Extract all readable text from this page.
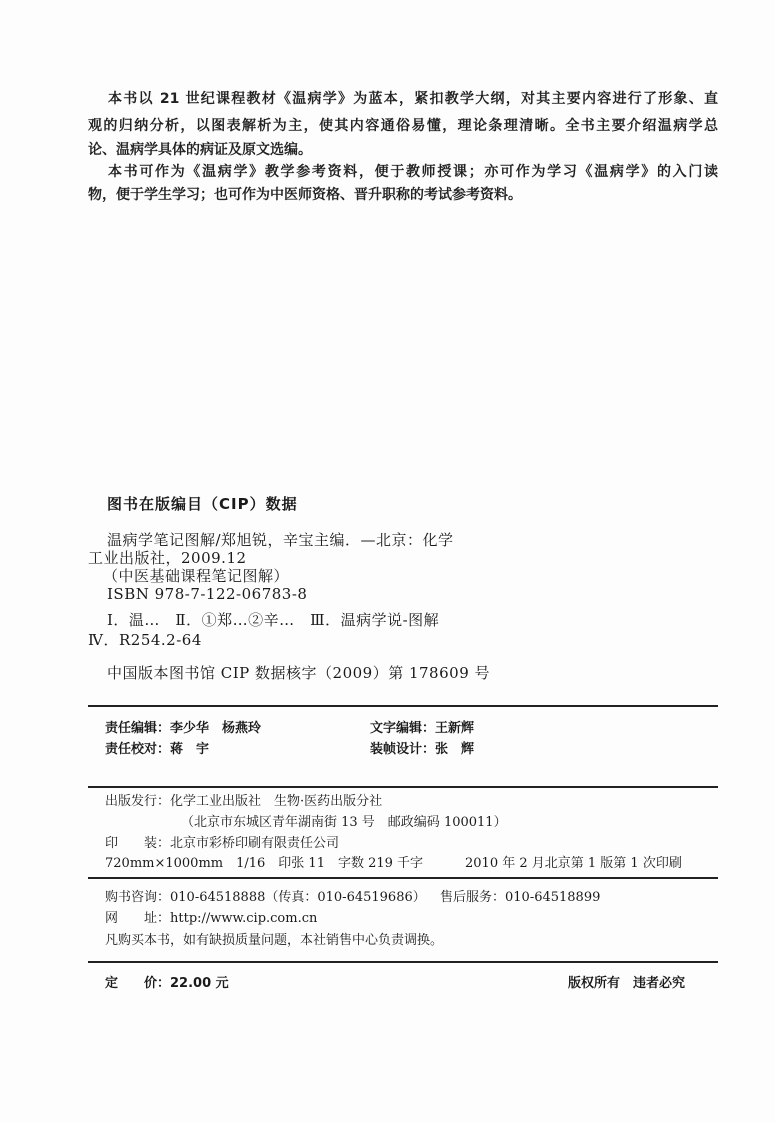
本书以 21 世纪课程教材《温病学》为蓝本，紧扣教学大纲，对其主要内容进行了形象、直
观的归纳分析，以图表解析为主，使其内容通俗易懂，理论条理清晰。全书主要介绍温病学总
论、温病学具体的病证及原文选编。
本书可作为《温病学》教学参考资料，便于教师授课；亦可作为学习《温病学》的入门读
物，便于学生学习；也可作为中医师资格、晋升职称的考试参考资料。
图书在版编目（CIP）数据
温病学笔记图解/郑旭锐，辛宝主编．—北京：化学
工业出版社，2009.12
（中医基础课程笔记图解）
ISBN 978-7-122-06783-8
Ⅰ．温…　Ⅱ．①郑…②辛…　Ⅲ．温病学说-图解
Ⅳ．R254.2-64
中国版本图书馆 CIP 数据核字（2009）第 178609 号
责任编辑：李少华　杨燕玲	文字编辑：王新辉
责任校对：蒋　宇	装帧设计：张　辉
出版发行：化学工业出版社　生物·医药出版分社
（北京市东城区青年湖南街 13 号　邮政编码 100011）
印　　装：北京市彩桥印刷有限责任公司
720mm×1000mm　1/16　印张 11　字数 219 千字	2010 年 2 月北京第 1 版第 1 次印刷
购书咨询：010-64518888（传真：010-64519686）	售后服务：010-64518899
网　　址：http://www.cip.com.cn
凡购买本书，如有缺损质量问题，本社销售中心负责调换。
定　　价：22.00 元	版权所有　违者必究
